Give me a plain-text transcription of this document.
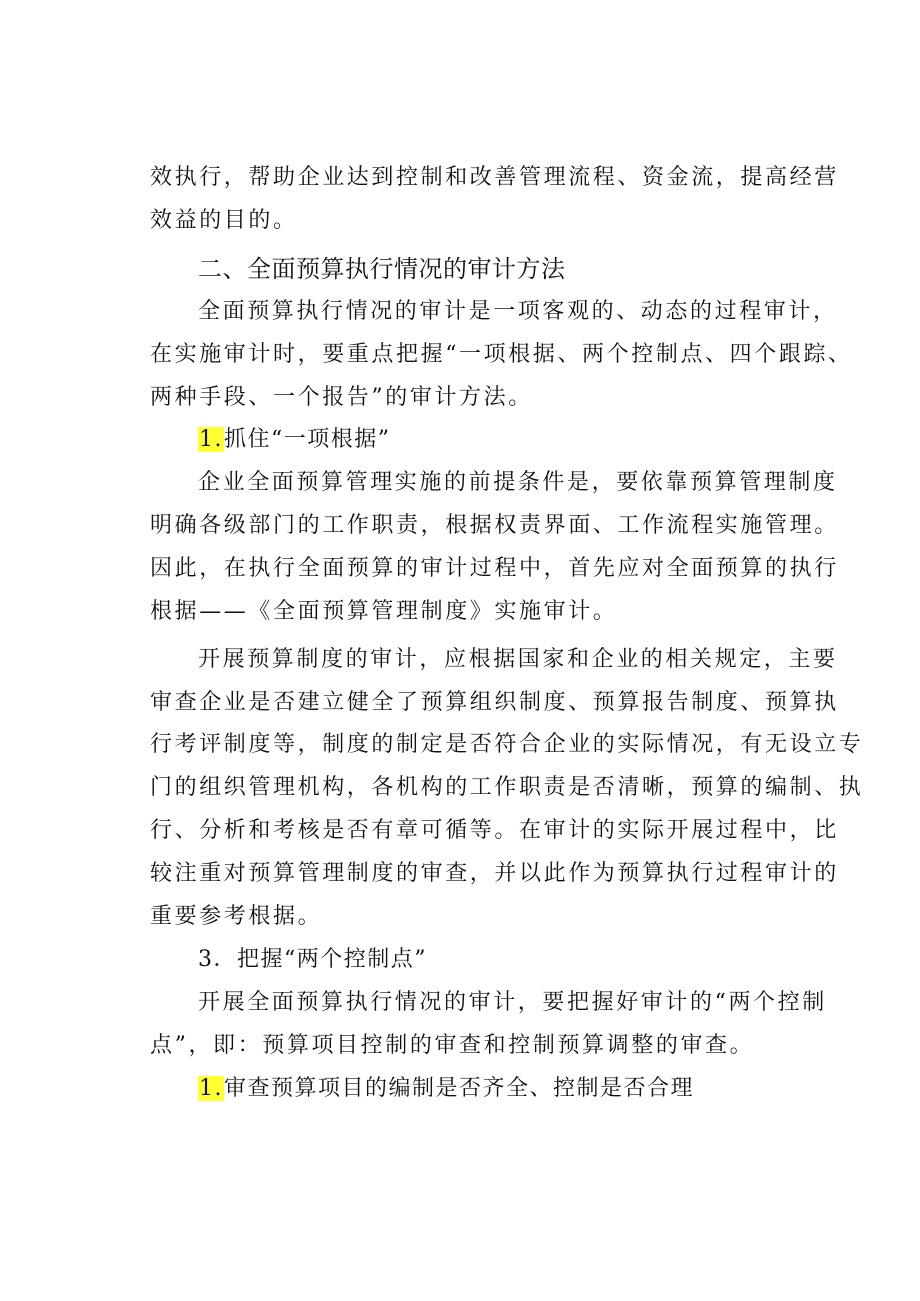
效执行，帮助企业达到控制和改善管理流程、资金流，提高经营
效益的目的。
二、全面预算执行情况的审计方法
全面预算执行情况的审计是一项客观的、动态的过程审计，
在实施审计时，要重点把握“一项根据、两个控制点、四个跟踪、
两种手段、一个报告”的审计方法。
1.抓住“一项根据”
企业全面预算管理实施的前提条件是，要依靠预算管理制度
明确各级部门的工作职责，根据权责界面、工作流程实施管理。
因此，在执行全面预算的审计过程中，首先应对全面预算的执行
根据——《全面预算管理制度》实施审计。
开展预算制度的审计，应根据国家和企业的相关规定，主要
审查企业是否建立健全了预算组织制度、预算报告制度、预算执
行考评制度等，制度的制定是否符合企业的实际情况，有无设立专
门的组织管理机构，各机构的工作职责是否清晰，预算的编制、执
行、分析和考核是否有章可循等。在审计的实际开展过程中，比
较注重对预算管理制度的审查，并以此作为预算执行过程审计的
重要参考根据。
3．把握“两个控制点”
开展全面预算执行情况的审计，要把握好审计的“两个控制
点”，即：预算项目控制的审查和控制预算调整的审查。
1.审查预算项目的编制是否齐全、控制是否合理
